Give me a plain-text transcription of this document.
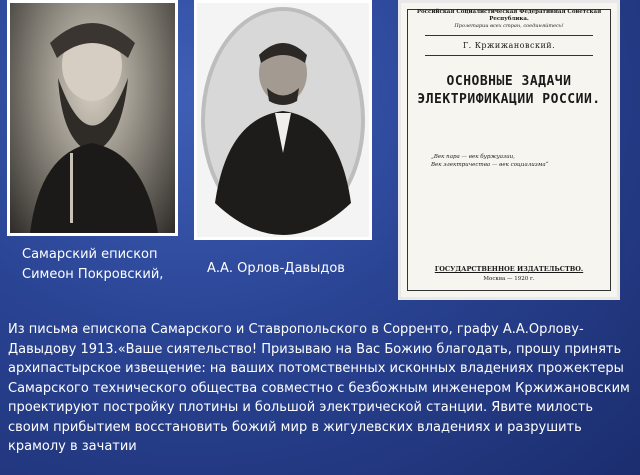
Российская Социалистическая Федеративная Советская Республика.
Пролетарии всех стран, соединяйтесь!
Г. Кржижановский.
ОСНОВНЫЕ ЗАДАЧИ
ЭЛЕКТРИФИКАЦИИ РОССИИ.
„Век пара — век буржуазии,
Век электричества — век социализма“
ГОСУДАРСТВЕННОЕ ИЗДАТЕЛЬСТВО.
Москва — 1920 г.
Самарский епископ Симеон Покровский,	А.А. Орлов-Давыдов
Из письма епископа Самарского и Ставропольского в Сорренто, графу А.А.Орлову-Давыдову 1913.«Ваше сиятельство! Призываю на Вас Божию благодать, прошу принять архипастырское извещение: на ваших потомственных исконных владениях прожектеры Самарского технического общества совместно с безбожным инженером Кржижановским проектируют постройку плотины и большой электрической станции. Явите милость своим прибытием восстановить божий мир в жигулевских владениях и разрушить крамолу в зачатии
